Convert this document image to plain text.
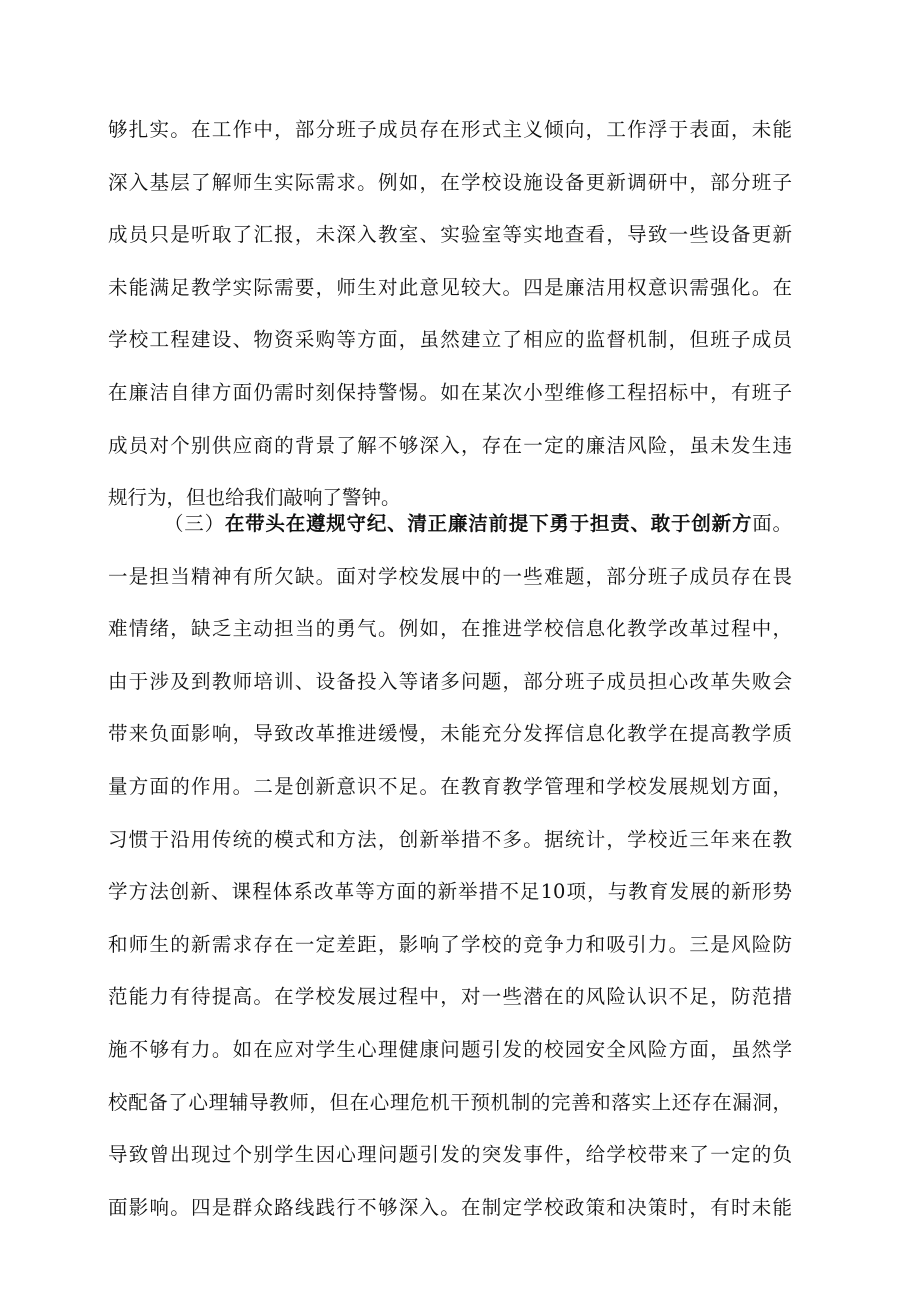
够扎实。在工作中，部分班子成员存在形式主义倾向，工作浮于表面，未能
深入基层了解师生实际需求。例如，在学校设施设备更新调研中，部分班子
成员只是听取了汇报，未深入教室、实验室等实地查看，导致一些设备更新
未能满足教学实际需要，师生对此意见较大。四是廉洁用权意识需强化。在
学校工程建设、物资采购等方面，虽然建立了相应的监督机制，但班子成员
在廉洁自律方面仍需时刻保持警惕。如在某次小型维修工程招标中，有班子
成员对个别供应商的背景了解不够深入，存在一定的廉洁风险，虽未发生违
规行为，但也给我们敲响了警钟。
（三）在带头在遵规守纪、清正廉洁前提下勇于担责、敢于创新方面。
一是担当精神有所欠缺。面对学校发展中的一些难题，部分班子成员存在畏
难情绪，缺乏主动担当的勇气。例如，在推进学校信息化教学改革过程中，
由于涉及到教师培训、设备投入等诸多问题，部分班子成员担心改革失败会
带来负面影响，导致改革推进缓慢，未能充分发挥信息化教学在提高教学质
量方面的作用。二是创新意识不足。在教育教学管理和学校发展规划方面，
习惯于沿用传统的模式和方法，创新举措不多。据统计，学校近三年来在教
学方法创新、课程体系改革等方面的新举措不足10项，与教育发展的新形势
和师生的新需求存在一定差距，影响了学校的竞争力和吸引力。三是风险防
范能力有待提高。在学校发展过程中，对一些潜在的风险认识不足，防范措
施不够有力。如在应对学生心理健康问题引发的校园安全风险方面，虽然学
校配备了心理辅导教师，但在心理危机干预机制的完善和落实上还存在漏洞，
导致曾出现过个别学生因心理问题引发的突发事件，给学校带来了一定的负
面影响。四是群众路线践行不够深入。在制定学校政策和决策时，有时未能
